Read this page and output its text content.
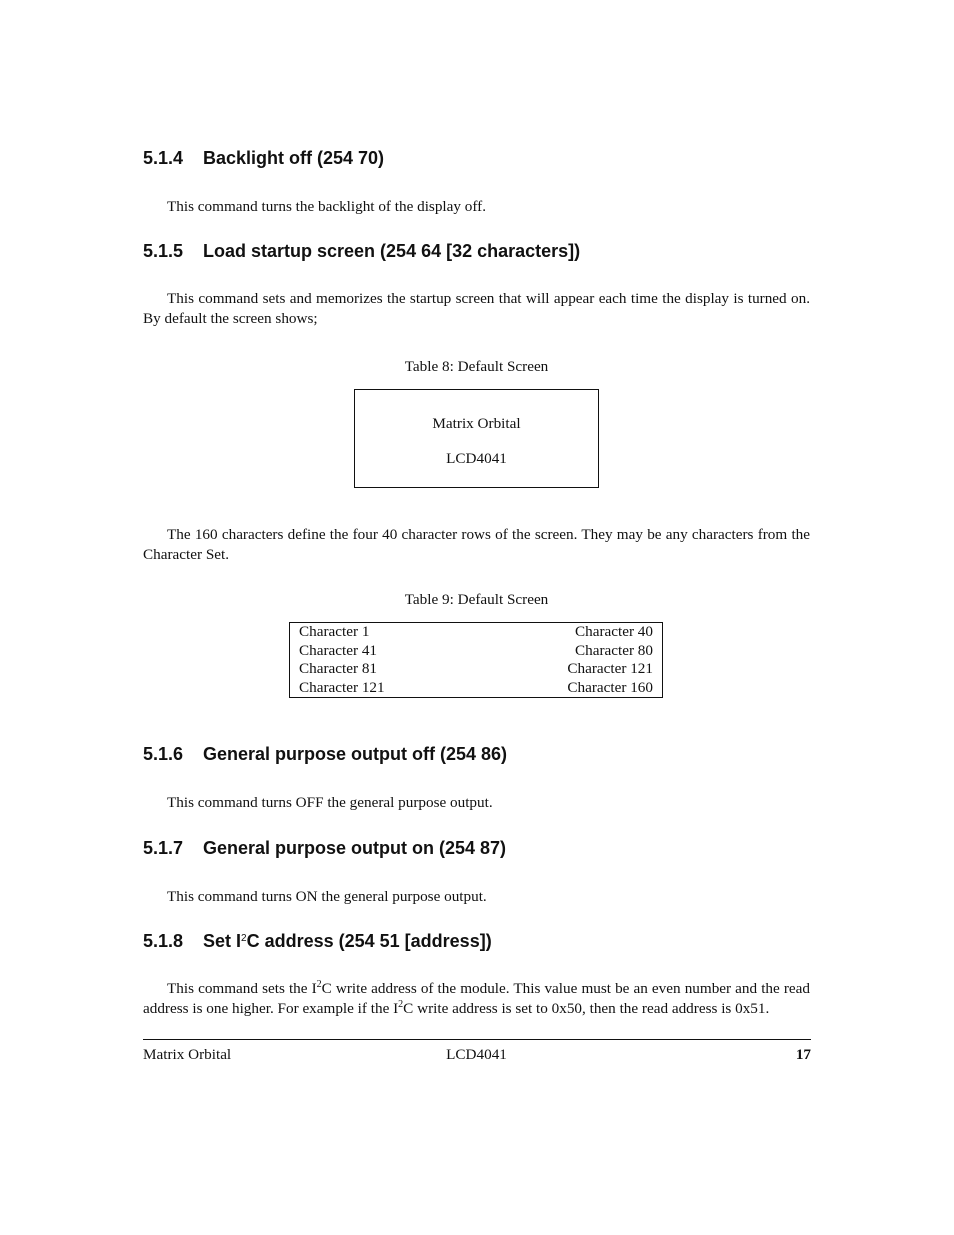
5.1.4 Backlight off (254 70)
This command turns the backlight of the display off.
5.1.5 Load startup screen (254 64 [32 characters])
This command sets and memorizes the startup screen that will appear each time the display is turned on. By default the screen shows;
Table 8: Default Screen
Matrix Orbital
LCD4041
The 160 characters define the four 40 character rows of the screen. They may be any characters from the Character Set.
Table 9: Default Screen
Character 1	Character 40
Character 41	Character 80
Character 81	Character 121
Character 121	Character 160
5.1.6 General purpose output off (254 86)
This command turns OFF the general purpose output.
5.1.7 General purpose output on (254 87)
This command turns ON the general purpose output.
5.1.8 Set $I^2C$ address (254 51 [address])
This command sets the $I^2C$ write address of the module. This value must be an even number and the read address is one higher. For example if the $I^2C$ write address is set to 0x50, then the read address is 0x51.
LCD4041
Matrix Orbital	17
